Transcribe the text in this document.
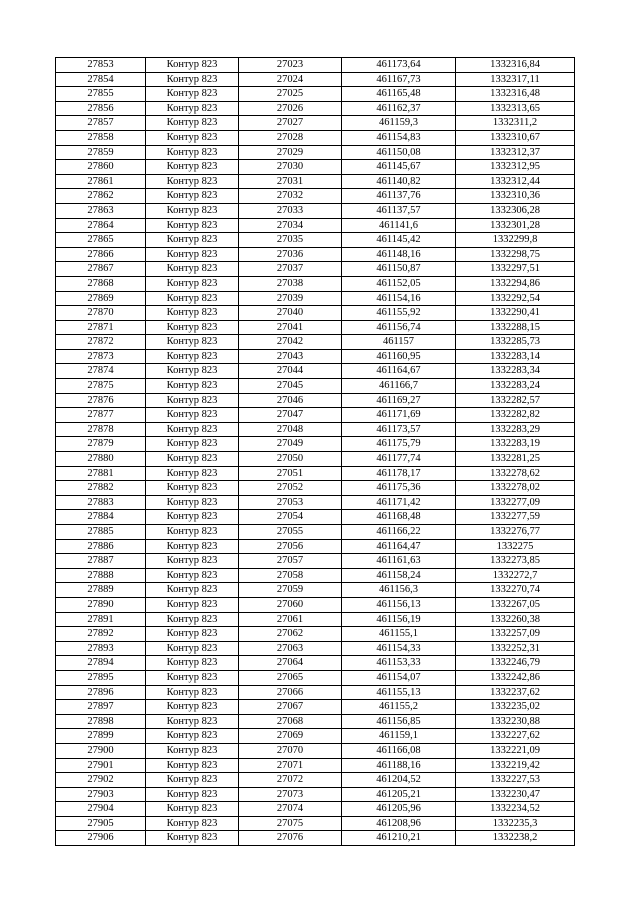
27853	Контур 823	27023	461173,64	1332316,84
27854	Контур 823	27024	461167,73	1332317,11
27855	Контур 823	27025	461165,48	1332316,48
27856	Контур 823	27026	461162,37	1332313,65
27857	Контур 823	27027	461159,3	1332311,2
27858	Контур 823	27028	461154,83	1332310,67
27859	Контур 823	27029	461150,08	1332312,37
27860	Контур 823	27030	461145,67	1332312,95
27861	Контур 823	27031	461140,82	1332312,44
27862	Контур 823	27032	461137,76	1332310,36
27863	Контур 823	27033	461137,57	1332306,28
27864	Контур 823	27034	461141,6	1332301,28
27865	Контур 823	27035	461145,42	1332299,8
27866	Контур 823	27036	461148,16	1332298,75
27867	Контур 823	27037	461150,87	1332297,51
27868	Контур 823	27038	461152,05	1332294,86
27869	Контур 823	27039	461154,16	1332292,54
27870	Контур 823	27040	461155,92	1332290,41
27871	Контур 823	27041	461156,74	1332288,15
27872	Контур 823	27042	461157	1332285,73
27873	Контур 823	27043	461160,95	1332283,14
27874	Контур 823	27044	461164,67	1332283,34
27875	Контур 823	27045	461166,7	1332283,24
27876	Контур 823	27046	461169,27	1332282,57
27877	Контур 823	27047	461171,69	1332282,82
27878	Контур 823	27048	461173,57	1332283,29
27879	Контур 823	27049	461175,79	1332283,19
27880	Контур 823	27050	461177,74	1332281,25
27881	Контур 823	27051	461178,17	1332278,62
27882	Контур 823	27052	461175,36	1332278,02
27883	Контур 823	27053	461171,42	1332277,09
27884	Контур 823	27054	461168,48	1332277,59
27885	Контур 823	27055	461166,22	1332276,77
27886	Контур 823	27056	461164,47	1332275
27887	Контур 823	27057	461161,63	1332273,85
27888	Контур 823	27058	461158,24	1332272,7
27889	Контур 823	27059	461156,3	1332270,74
27890	Контур 823	27060	461156,13	1332267,05
27891	Контур 823	27061	461156,19	1332260,38
27892	Контур 823	27062	461155,1	1332257,09
27893	Контур 823	27063	461154,33	1332252,31
27894	Контур 823	27064	461153,33	1332246,79
27895	Контур 823	27065	461154,07	1332242,86
27896	Контур 823	27066	461155,13	1332237,62
27897	Контур 823	27067	461155,2	1332235,02
27898	Контур 823	27068	461156,85	1332230,88
27899	Контур 823	27069	461159,1	1332227,62
27900	Контур 823	27070	461166,08	1332221,09
27901	Контур 823	27071	461188,16	1332219,42
27902	Контур 823	27072	461204,52	1332227,53
27903	Контур 823	27073	461205,21	1332230,47
27904	Контур 823	27074	461205,96	1332234,52
27905	Контур 823	27075	461208,96	1332235,3
27906	Контур 823	27076	461210,21	1332238,2
